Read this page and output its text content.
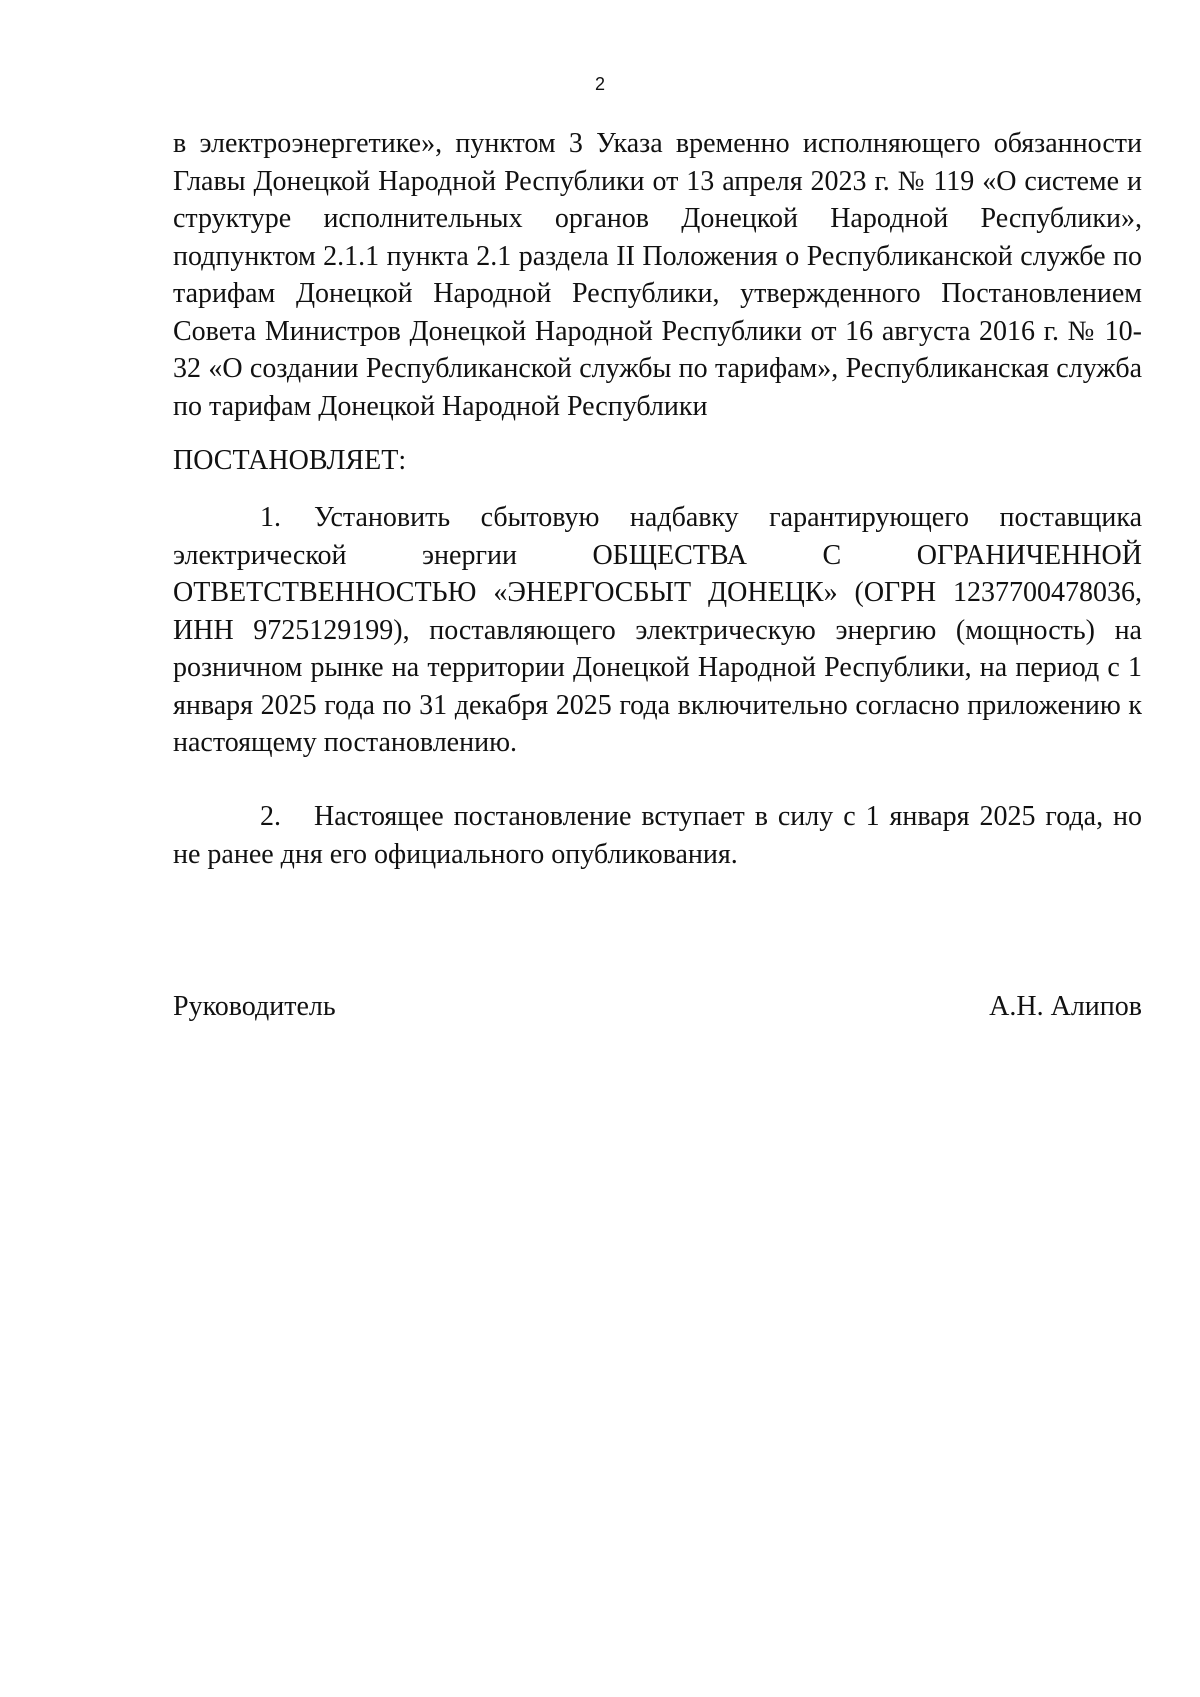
2

в электроэнергетике», пунктом 3 Указа временно исполняющего обязанности Главы Донецкой Народной Республики от 13 апреля 2023 г. № 119 «О системе и структуре исполнительных органов Донецкой Народной Республики», подпунктом 2.1.1 пункта 2.1 раздела II Положения о Республиканской службе по тарифам Донецкой Народной Республики, утвержденного Постановлением Совета Министров Донецкой Народной Республики от 16 августа 2016 г. № 10-32 «О создании Республиканской службы по тарифам», Республиканская служба по тарифам Донецкой Народной Республики

ПОСТАНОВЛЯЕТ:

1. Установить сбытовую надбавку гарантирующего поставщика электрической энергии ОБЩЕСТВА С ОГРАНИЧЕННОЙ ОТВЕТСТВЕННОСТЬЮ «ЭНЕРГОСБЫТ ДОНЕЦК» (ОГРН 1237700478036, ИНН 9725129199), поставляющего электрическую энергию (мощность) на розничном рынке на территории Донецкой Народной Республики, на период с 1 января 2025 года по 31 декабря 2025 года включительно согласно приложению к настоящему постановлению.

2. Настоящее постановление вступает в силу с 1 января 2025 года, но не ранее дня его официального опубликования.

Руководитель	А.Н. Алипов
